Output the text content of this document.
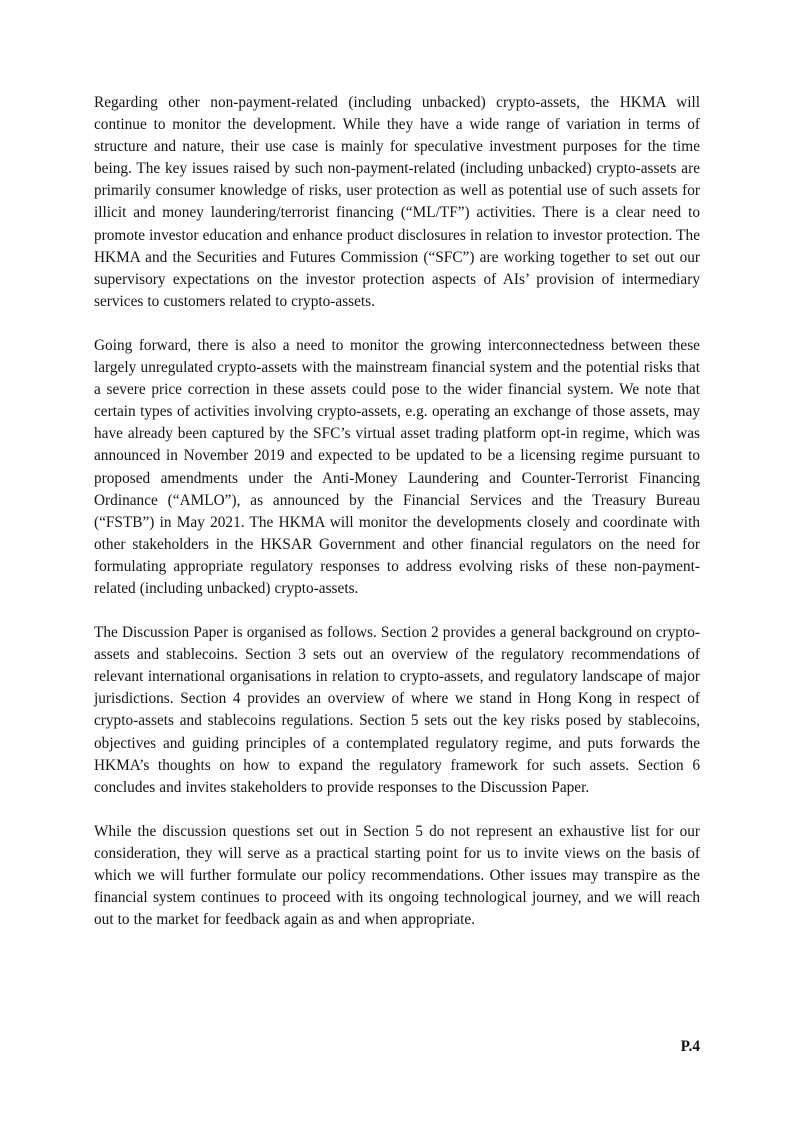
Regarding other non-payment-related (including unbacked) crypto-assets, the HKMA will continue to monitor the development. While they have a wide range of variation in terms of structure and nature, their use case is mainly for speculative investment purposes for the time being. The key issues raised by such non-payment-related (including unbacked) crypto-assets are primarily consumer knowledge of risks, user protection as well as potential use of such assets for illicit and money laundering/terrorist financing (“ML/TF”) activities. There is a clear need to promote investor education and enhance product disclosures in relation to investor protection. The HKMA and the Securities and Futures Commission (“SFC”) are working together to set out our supervisory expectations on the investor protection aspects of AIs’ provision of intermediary services to customers related to crypto-assets.

Going forward, there is also a need to monitor the growing interconnectedness between these largely unregulated crypto-assets with the mainstream financial system and the potential risks that a severe price correction in these assets could pose to the wider financial system. We note that certain types of activities involving crypto-assets, e.g. operating an exchange of those assets, may have already been captured by the SFC’s virtual asset trading platform opt-in regime, which was announced in November 2019 and expected to be updated to be a licensing regime pursuant to proposed amendments under the Anti-Money Laundering and Counter-Terrorist Financing Ordinance (“AMLO”), as announced by the Financial Services and the Treasury Bureau (“FSTB”) in May 2021. The HKMA will monitor the developments closely and coordinate with other stakeholders in the HKSAR Government and other financial regulators on the need for formulating appropriate regulatory responses to address evolving risks of these non-payment-related (including unbacked) crypto-assets.

The Discussion Paper is organised as follows. Section 2 provides a general background on crypto-assets and stablecoins. Section 3 sets out an overview of the regulatory recommendations of relevant international organisations in relation to crypto-assets, and regulatory landscape of major jurisdictions. Section 4 provides an overview of where we stand in Hong Kong in respect of crypto-assets and stablecoins regulations. Section 5 sets out the key risks posed by stablecoins, objectives and guiding principles of a contemplated regulatory regime, and puts forwards the HKMA’s thoughts on how to expand the regulatory framework for such assets. Section 6 concludes and invites stakeholders to provide responses to the Discussion Paper.

While the discussion questions set out in Section 5 do not represent an exhaustive list for our consideration, they will serve as a practical starting point for us to invite views on the basis of which we will further formulate our policy recommendations. Other issues may transpire as the financial system continues to proceed with its ongoing technological journey, and we will reach out to the market for feedback again as and when appropriate.

P.4
